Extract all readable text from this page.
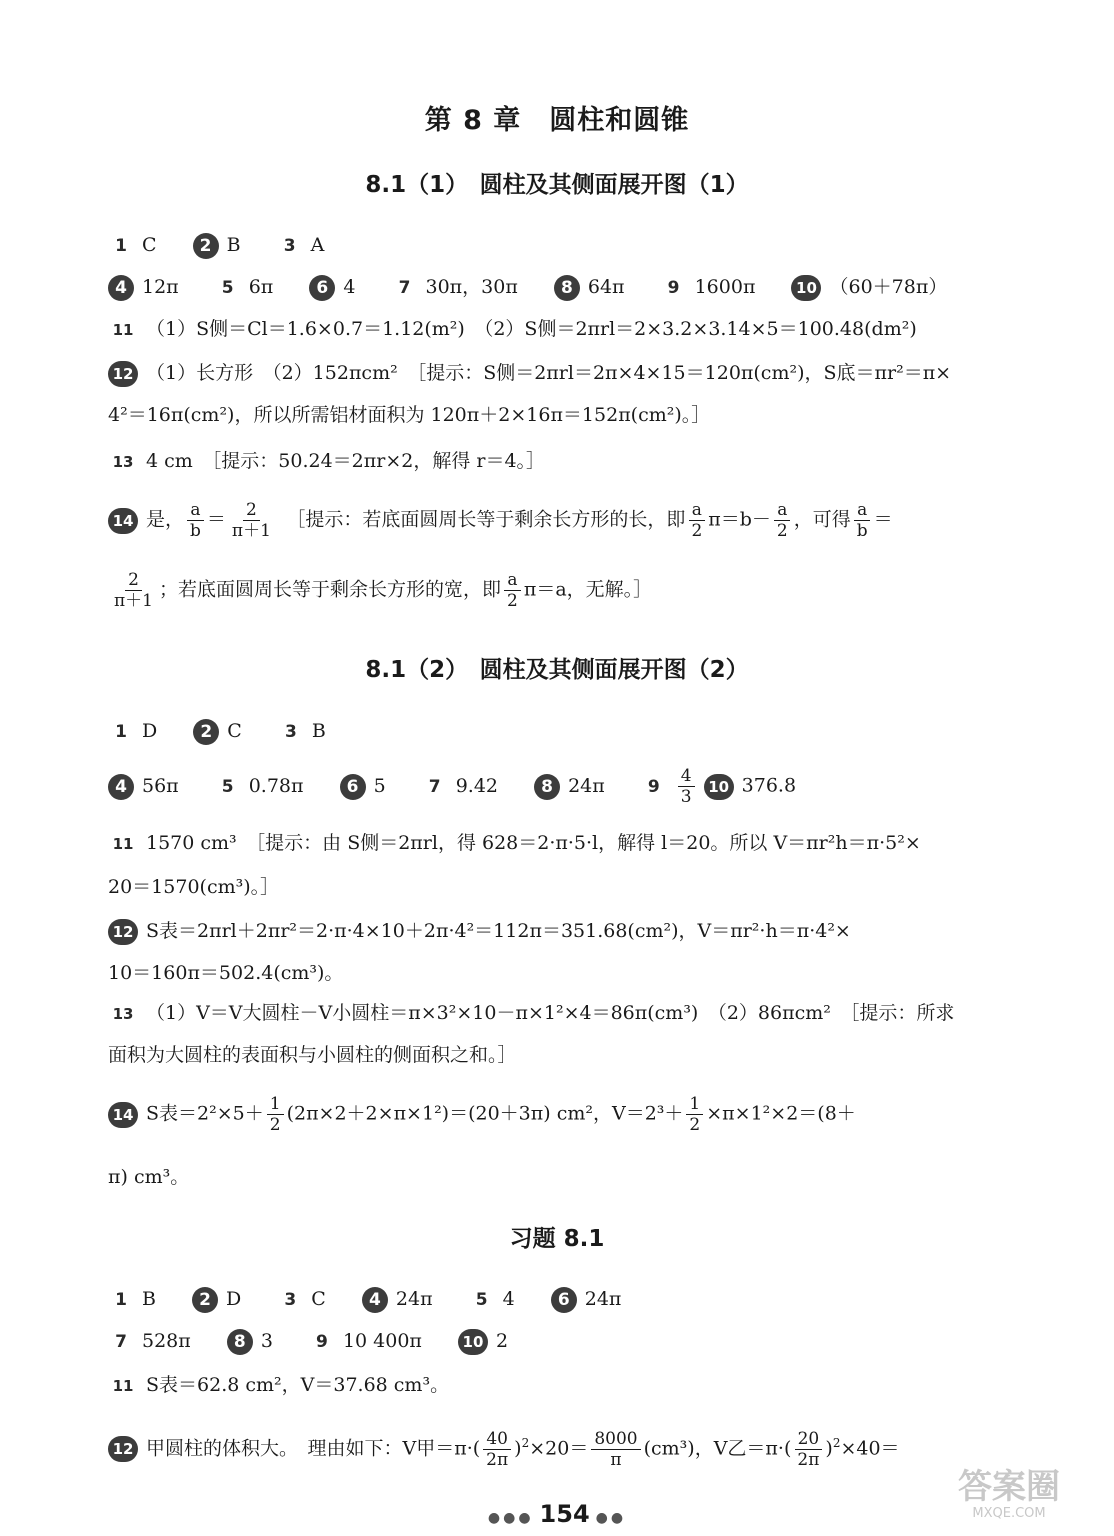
第 8 章　圆柱和圆锥
8.1（1）　圆柱及其侧面展开图（1）
1 C	2 B	3 A
4 12π	5 6π	6 4	7 30π，30π	8 64π	9 1600π	10 （60＋78π）
11 （1）S侧＝Cl＝1.6×0.7＝1.12(m²)　（2）S侧＝2πrl＝2×3.2×3.14×5＝100.48(dm²)
12 （1）长方形　（2）152πcm²　［提示：S侧＝2πrl＝2π×4×15＝120π(cm²)，S底＝πr²＝π×
4²＝16π(cm²)，所以所需铝材面积为 120π＋2×16π＝152π(cm²)。］
13 4 cm　［提示：50.24＝2πr×2，解得 r＝4。］
14 是， $\frac{a}{b} = \frac{2}{\pi+1}$ 　［提示：若底面圆周长等于剩余长方形的长，即 $\frac{a}{2} \pi=b- \frac{a}{2}$ ，可得 $\frac{a}{b}$ ＝
$\frac{2}{\pi+1}$ ；若底面圆周长等于剩余长方形的宽，即 $\frac{a}{2} \pi=a$，无解。］
8.1（2）　圆柱及其侧面展开图（2）
1 D	2 C	3 B
4 56π	5 0.78π	6 5	7 9.42	8 24π	$9 \frac{4}{3} 10$ 376.8
11 1570 cm³　［提示：由 S侧＝2πrl，得 628＝2·π·5·l，解得 l＝20。所以 V＝πr²h＝π·5²×
20＝1570(cm³)。］
12 S表＝2πrl＋2πr²＝2·π·4×10＋2π·4²＝112π＝351.68(cm²)，V＝πr²·h＝π·4²×
10＝160π＝502.4(cm³)。
13 （1）V＝V大圆柱－V小圆柱＝π×3²×10－π×1²×4＝86π(cm³)　（2）86πcm²　［提示：所求
面积为大圆柱的表面积与小圆柱的侧面积之和。］
14 S表$=2^2\times 5+ \frac{1}{2} (2\pi\times 2+2\times\pi\times 1^2)=(20+3\pi)$ cm²，$V=2^3+ \frac{1}{2} \times\pi\times 1^2\times 2=(8+$
π) cm³。
习题 8.1
1 B	2 D	3 C	4 24π	5 4	6 24π
7 528π	8 3	9 10 400π	10 2
11 S表＝62.8 cm²，V＝37.68 cm³。
12 甲圆柱的体积大。　理由如下：V甲$=\pi\cdot( \frac{40}{2\pi} )^2\times 20= \frac{8000}{\pi} (cm^3)$，V乙$=\pi\cdot( \frac{20}{2\pi} )^2\times 40=$
●●● 154 ●●
答案圈
MXQE.COM
